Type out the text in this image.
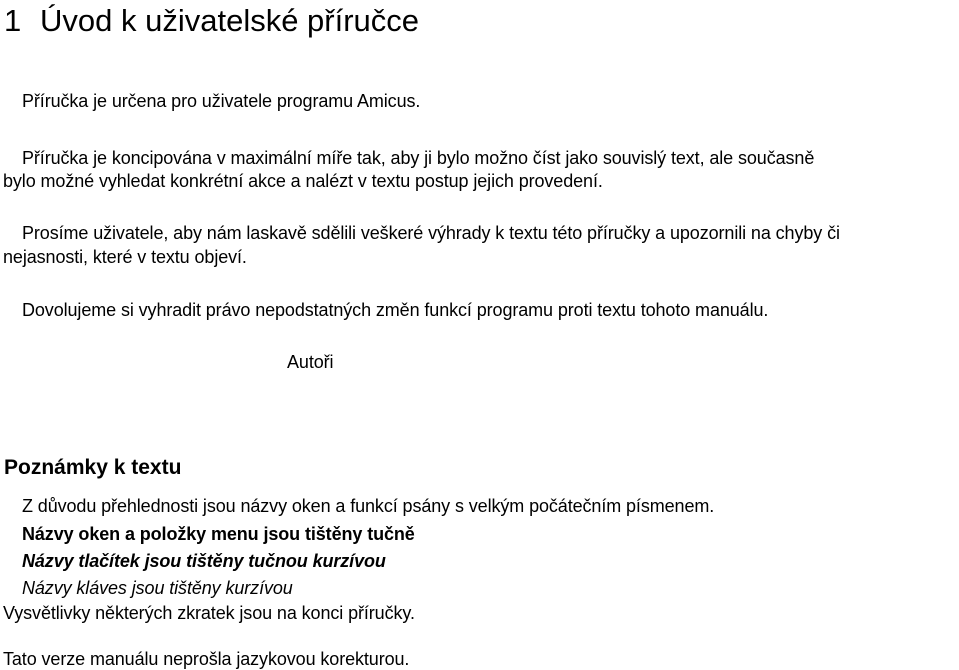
1 Úvod k uživatelské příručce
Příručka je určena pro uživatele programu Amicus.
Příručka je koncipována v maximální míře tak, aby ji bylo možno číst jako souvislý text, ale současně
bylo možné vyhledat konkrétní akce a nalézt v textu postup jejich provedení.
Prosíme uživatele, aby nám laskavě sdělili veškeré výhrady k textu této příručky a upozornili na chyby či
nejasnosti, které v textu objeví.
Dovolujeme si vyhradit právo nepodstatných změn funkcí programu proti textu tohoto manuálu.
Autoři
Poznámky k textu
Z důvodu přehlednosti jsou názvy oken a funkcí psány s velkým počátečním písmenem.
Názvy oken a položky menu jsou tištěny tučně
Názvy tlačítek jsou tištěny tučnou kurzívou
Názvy kláves jsou tištěny kurzívou
Vysvětlivky některých zkratek jsou na konci příručky.
Tato verze manuálu neprošla jazykovou korekturou.
